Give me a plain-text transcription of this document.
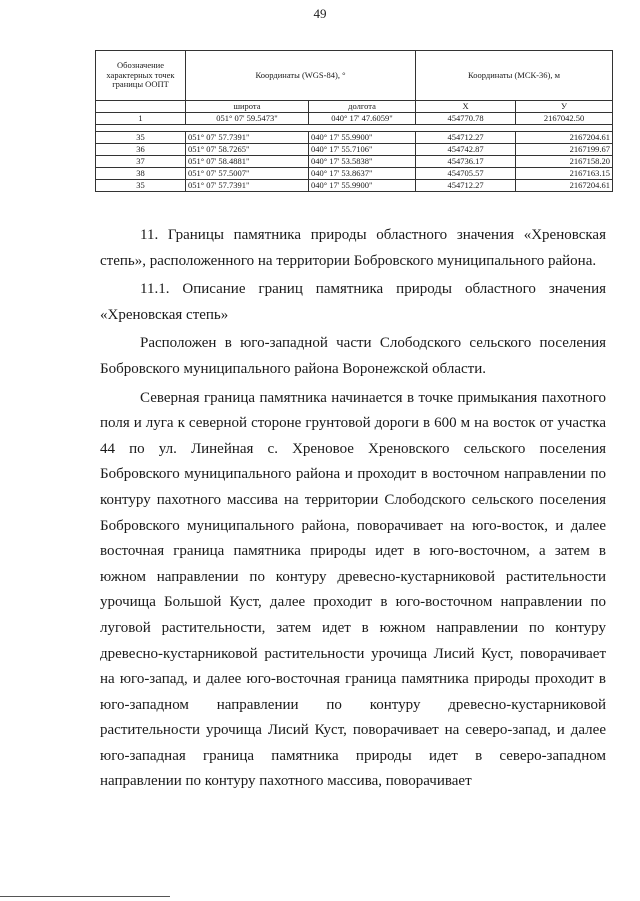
49
Обозначение характерных точек границы ООПТ	Координаты (WGS-84), °		Координаты (МСК-36), м	
	широта	долгота	Х	У
1	051° 07' 59.5473"	040° 17' 47.6059"	454770.78	2167042.50

35	051° 07' 57.7391"	040° 17' 55.9900"	454712.27	2167204.61
36	051° 07' 58.7265"	040° 17' 55.7106"	454742.87	2167199.67
37	051° 07' 58.4881"	040° 17' 53.5838"	454736.17	2167158.20
38	051° 07' 57.5007"	040° 17' 53.8637"	454705.57	2167163.15
35	051° 07' 57.7391"	040° 17' 55.9900"	454712.27	2167204.61

11. Границы памятника природы областного значения «Хреновская степь», расположенного на территории Бобровского муниципального района.

11.1. Описание границ памятника природы областного значения «Хреновская степь»

Расположен в юго-западной части Слободского сельского поселения Бобровского муниципального района Воронежской области.

Северная граница памятника начинается в точке примыкания пахотного поля и луга к северной стороне грунтовой дороги в 600 м на восток от участка 44 по ул. Линейная с. Хреновое Хреновского сельского поселения Бобровского муниципального района и проходит в восточном направлении по контуру пахотного массива на территории Слободского сельского поселения Бобровского муниципального района, поворачивает на юго-восток, и далее восточная граница памятника природы идет в юго-восточном, а затем в южном направлении по контуру древесно-кустарниковой растительности урочища Большой Куст, далее проходит в юго-восточном направлении по луговой растительности, затем идет в южном направлении по контуру древесно-кустарниковой растительности урочища Лисий Куст, поворачивает на юго-запад, и далее юго-восточная граница памятника природы проходит в юго-западном направлении по контуру древесно-кустарниковой растительности урочища Лисий Куст, поворачивает на северо-запад, и далее юго-западная граница памятника природы идет в северо-западном направлении по контуру пахотного массива, поворачивает
